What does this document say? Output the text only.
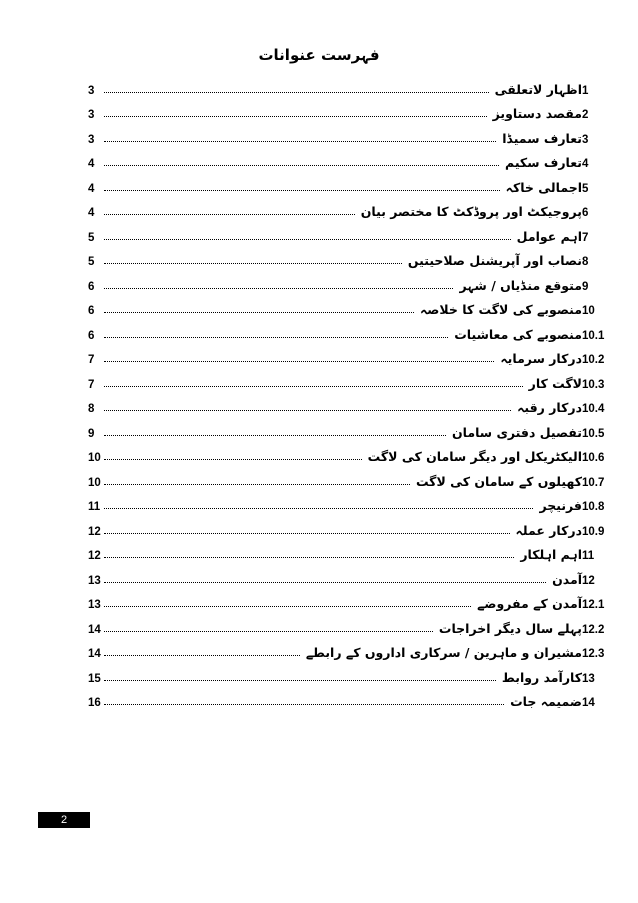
فہرست عنوانات
1
اظہار لاتعلقی
3
2
مقصد دستاویز
3
3
تعارف سمیڈا
3
4
تعارف سکیم
4
5
اجمالی خاکہ
4
6
پروجیکٹ اور پروڈکٹ کا مختصر بیان
4
7
اہم عوامل
5
8
نصاب اور آپریشنل صلاحیتیں
5
9
متوقع منڈیاں / شہر
6
10
منصوبے کی لاگت کا خلاصہ
6
10.1
منصوبے کی معاشیات
6
10.2
درکار سرمایہ
7
10.3
لاگت کار
7
10.4
درکار رقبہ
8
10.5
تفصیل دفتری سامان
9
10.6
الیکٹریکل اور دیگر سامان کی لاگت
10
10.7
کھیلوں کے سامان کی لاگت
10
10.8
فرنیچر
11
10.9
درکار عملہ
12
11
اہم اہلکار
12
12
آمدن
13
12.1
آمدن کے مفروضے
13
12.2
پہلے سال دیگر اخراجات
14
12.3
مشیران و ماہرین / سرکاری اداروں کے رابطے
14
13
کارآمد روابط
15
14
ضمیمہ جات
16
2
